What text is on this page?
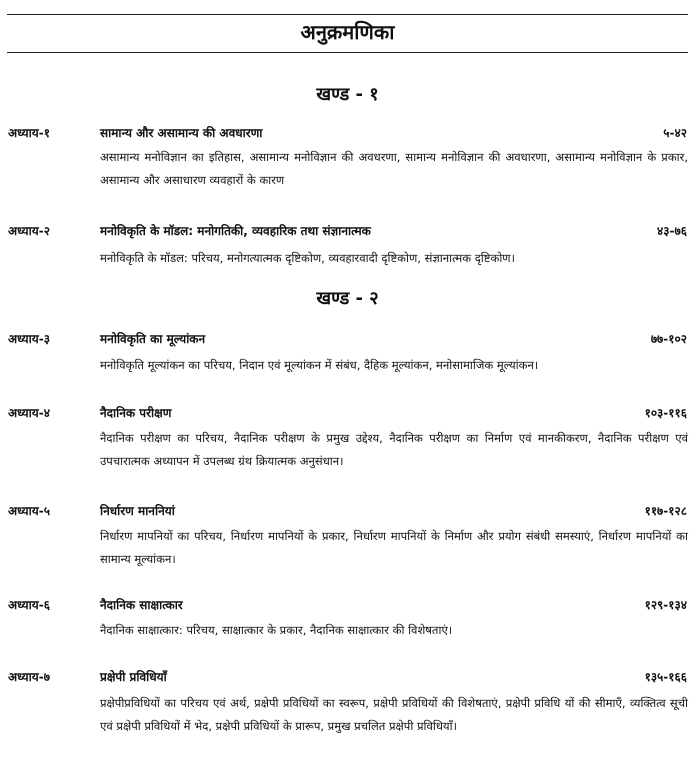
अनुक्रमणिका
खण्ड - १
अध्याय-१	सामान्य और असामान्य की अवधारणा	५-४२
असामान्य मनोविज्ञान का इतिहास, असामान्य मनोविज्ञान की अवधरणा, सामान्य मनोविज्ञान की अवधारणा, असामान्य मनोविज्ञान के प्रकार, असामान्य और असाधारण व्यवहारों के कारण
अध्याय-२	मनोविकृति के मॉडल: मनोगतिकी, व्यवहारिक तथा संज्ञानात्मक	४३-७६
मनोविकृति के मॉडल: परिचय, मनोगत्यात्मक दृष्टिकोण, व्यवहारवादी दृष्टिकोण, संज्ञानात्मक दृष्टिकोण।
खण्ड - २
अध्याय-३	मनोविकृति का मूल्यांकन	७७-१०२
मनोविकृति मूल्यांकन का परिचय, निदान एवं मूल्यांकन में संबंध, दैहिक मूल्यांकन, मनोसामाजिक मूल्यांकन।
अध्याय-४	नैदानिक परीक्षण	१०३-११६
नैदानिक परीक्षण का परिचय, नैदानिक परीक्षण के प्रमुख उद्देश्य, नैदानिक परीक्षण का निर्माण एवं मानकीकरण, नैदानिक परीक्षण एवं उपचारात्मक अध्यापन में उपलब्ध ग्रंथ क्रियात्मक अनुसंधान।
अध्याय-५	निर्धारण माननियां	११७-१२८
निर्धारण मापनियों का परिचय, निर्धारण मापनियों के प्रकार, निर्धारण मापनियों के निर्माण और प्रयोग संबंधी समस्याएं, निर्धारण मापनियों का सामान्य मूल्यांकन।
अध्याय-६	नैदानिक साक्षात्कार	१२९-१३४
नैदानिक साक्षात्कार: परिचय, साक्षात्कार के प्रकार, नैदानिक साक्षात्कार की विशेषताएं।
अध्याय-७	प्रक्षेपी प्रविधियाँ	१३५-१६६
प्रक्षेपीप्रविधियों का परिचय एवं अर्थ, प्रक्षेपी प्रविधियों का स्वरूप, प्रक्षेपी प्रविधियों की विशेषताएं, प्रक्षेपी प्रविधि यों की सीमाएँ, व्यक्तित्व सूची एवं प्रक्षेपी प्रविधियों में भेद, प्रक्षेपी प्रविधियों के प्रारूप, प्रमुख प्रचलित प्रक्षेपी प्रविधियाँ।
